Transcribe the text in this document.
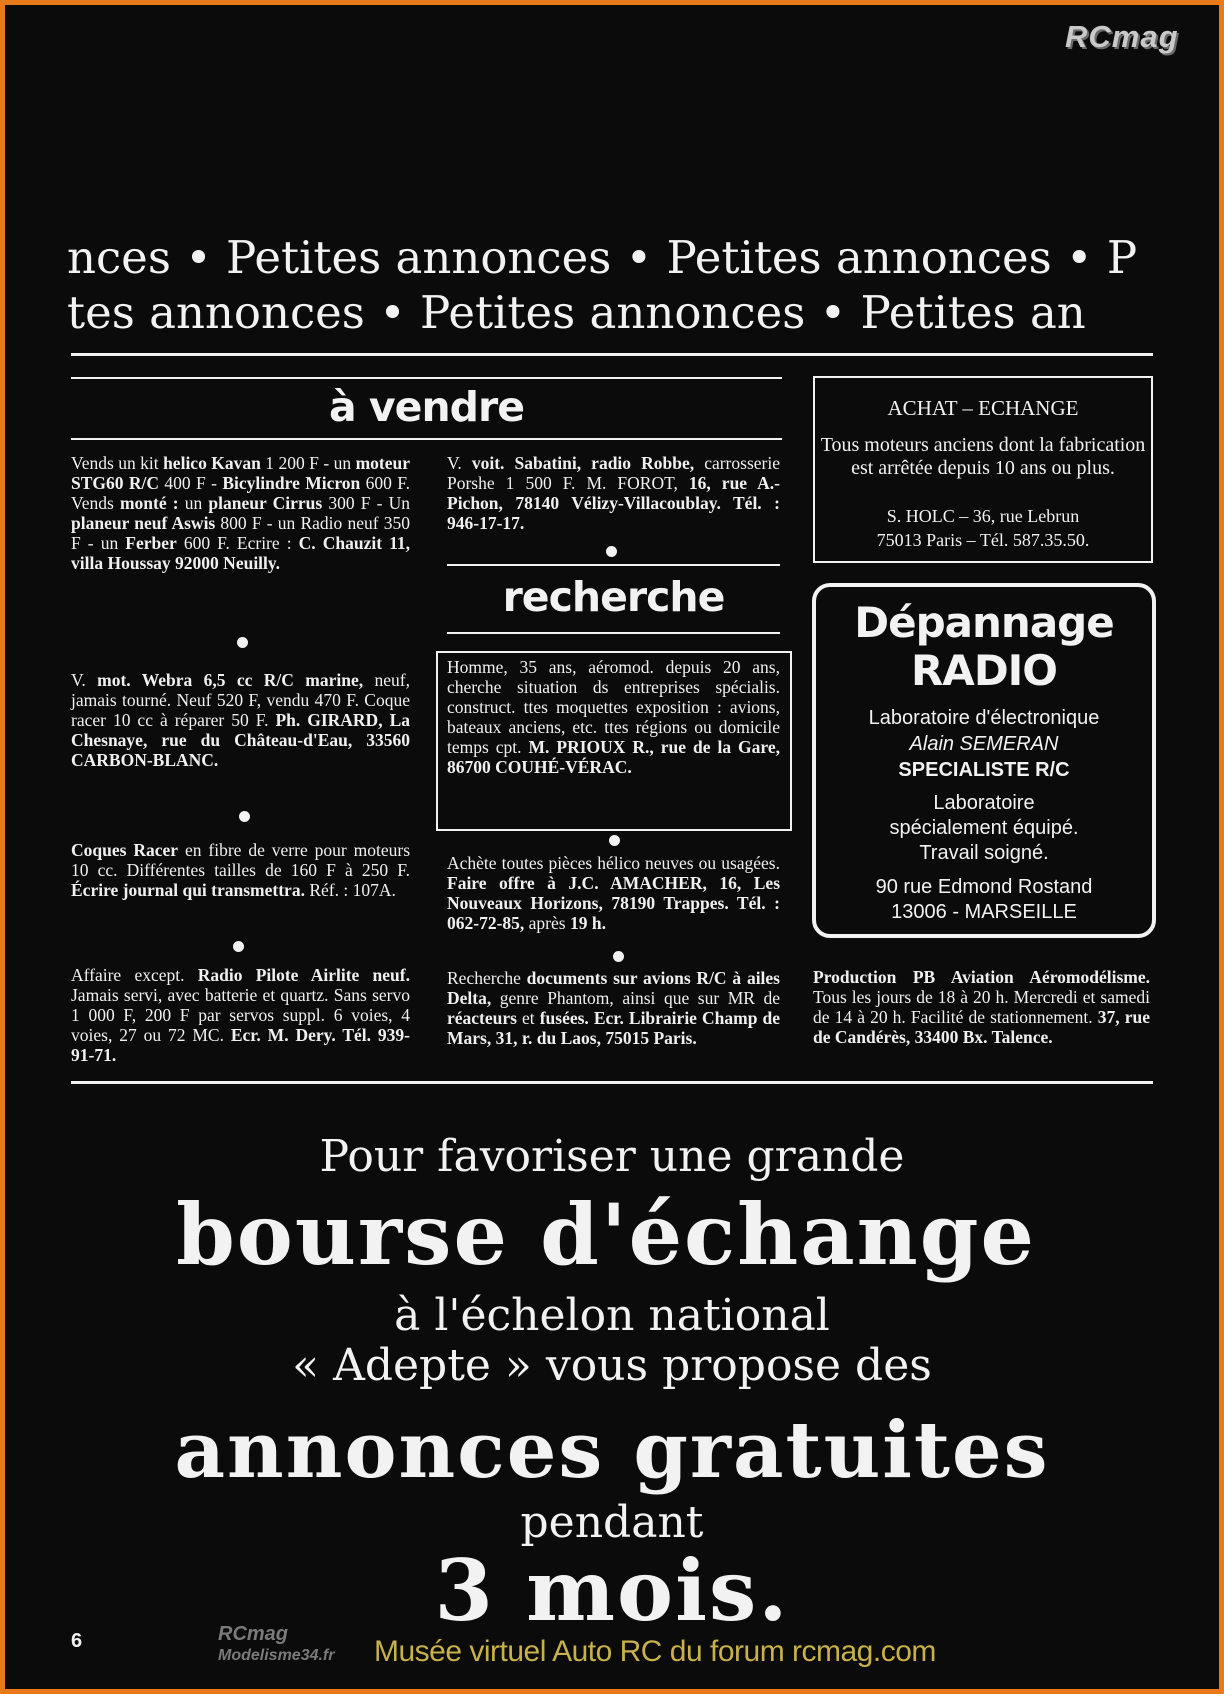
RCmag
nces • Petites annonces • Petites annonces • P
tes annonces • Petites annonces • Petites an
à vendre
Vends un kit helico Kavan 1 200 F - un moteur STG60 R/C 400 F - Bicylindre Micron 600 F. Vends monté : un planeur Cirrus 300 F - Un planeur neuf Aswis 800 F - un Radio neuf 350 F - un Ferber 600 F. Ecrire : C. Chauzit 11, villa Houssay 92000 Neuilly.
V. mot. Webra 6,5 cc R/C marine, neuf, jamais tourné. Neuf 520 F, vendu 470 F. Coque racer 10 cc à réparer 50 F. Ph. GIRARD, La Chesnaye, rue du Château-d'Eau, 33560 CARBON-BLANC.
Coques Racer en fibre de verre pour moteurs 10 cc. Différentes tailles de 160 F à 250 F. Écrire journal qui transmettra. Réf. : 107A.
Affaire except. Radio Pilote Airlite neuf. Jamais servi, avec batterie et quartz. Sans servo 1 000 F, 200 F par servos suppl. 6 voies, 4 voies, 27 ou 72 MC. Ecr. M. Dery. Tél. 939-91-71.
V. voit. Sabatini, radio Robbe, carrosserie Porshe 1 500 F. M. FOROT, 16, rue A.-Pichon, 78140 Vélizy-Villacoublay. Tél. : 946-17-17.
recherche
Homme, 35 ans, aéromod. depuis 20 ans, cherche situation ds entreprises spécialis. construct. ttes moquettes exposition : avions, bateaux anciens, etc. ttes régions ou domicile temps cpt. M. PRIOUX R., rue de la Gare, 86700 COUHÉ-VÉRAC.
Achète toutes pièces hélico neuves ou usagées. Faire offre à J.C. AMACHER, 16, Les Nouveaux Horizons, 78190 Trappes. Tél. : 062-72-85, après 19 h.
Recherche documents sur avions R/C à ailes Delta, genre Phantom, ainsi que sur MR de réacteurs et fusées. Ecr. Librairie Champ de Mars, 31, r. du Laos, 75015 Paris.
ACHAT – ECHANGE
Tous moteurs anciens dont la fabrication est arrêtée depuis 10 ans ou plus.
S. HOLC – 36, rue Lebrun
75013 Paris – Tél. 587.35.50.
Dépannage
RADIO
Laboratoire d'électronique
Alain SEMERAN
SPECIALISTE R/C
Laboratoire
spécialement équipé.
Travail soigné.
90 rue Edmond Rostand
13006 - MARSEILLE
Production PB Aviation Aéromodélisme. Tous les jours de 18 à 20 h. Mercredi et samedi de 14 à 20 h. Facilité de stationnement. 37, rue de Candérès, 33400 Bx. Talence.
Pour favoriser une grande
bourse d'échange
à l'échelon national
« Adepte » vous propose des
annonces gratuites
pendant
3 mois.
6	RCmag
Modelisme34.fr Musée virtuel Auto RC du forum rcmag.com
